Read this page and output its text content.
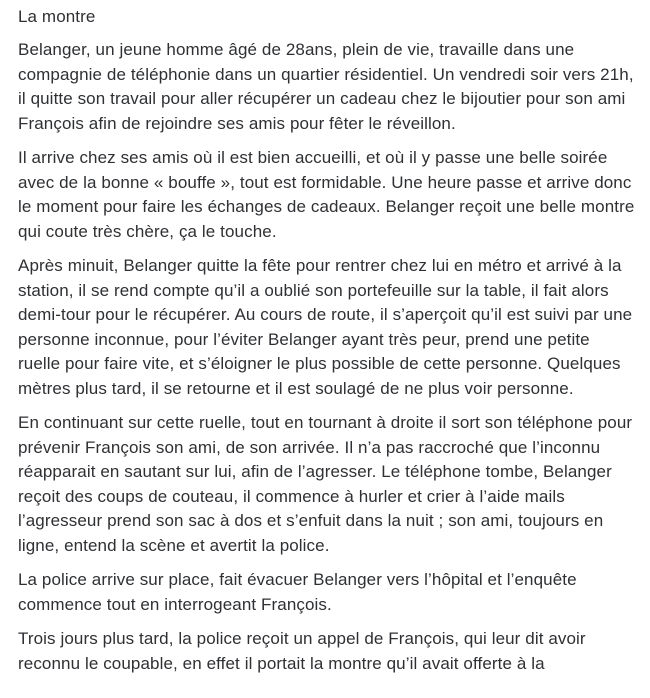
La montre

Belanger, un jeune homme âgé de 28ans, plein de vie, travaille dans une compagnie de téléphonie dans un quartier résidentiel. Un vendredi soir vers 21h, il quitte son travail pour aller récupérer un cadeau chez le bijoutier pour son ami François afin de rejoindre ses amis pour fêter le réveillon.

Il arrive chez ses amis où il est bien accueilli, et où il y passe une belle soirée avec de la bonne « bouffe », tout est formidable. Une heure passe et arrive donc le moment pour faire les échanges de cadeaux. Belanger reçoit une belle montre qui coute très chère, ça le touche.

Après minuit, Belanger quitte la fête pour rentrer chez lui en métro et arrivé à la station, il se rend compte qu’il a oublié son portefeuille sur la table, il fait alors demi-tour pour le récupérer. Au cours de route, il s’aperçoit qu’il est suivi par une personne inconnue, pour l’éviter Belanger ayant très peur, prend une petite ruelle pour faire vite, et s’éloigner le plus possible de cette personne. Quelques mètres plus tard, il se retourne et il est soulagé de ne plus voir personne.

En continuant sur cette ruelle, tout en tournant à droite il sort son téléphone pour prévenir François son ami, de son arrivée. Il n’a pas raccroché que l’inconnu réapparait en sautant sur lui, afin de l’agresser. Le téléphone tombe, Belanger reçoit des coups de couteau, il commence à hurler et crier à l’aide mails l’agresseur prend son sac à dos et s’enfuit dans la nuit ; son ami, toujours en ligne, entend la scène et avertit la police.

La police arrive sur place, fait évacuer Belanger vers l’hôpital et l’enquête commence tout en interrogeant François.

Trois jours plus tard, la police reçoit un appel de François, qui leur dit avoir reconnu le coupable, en effet il portait la montre qu’il avait offerte à la
